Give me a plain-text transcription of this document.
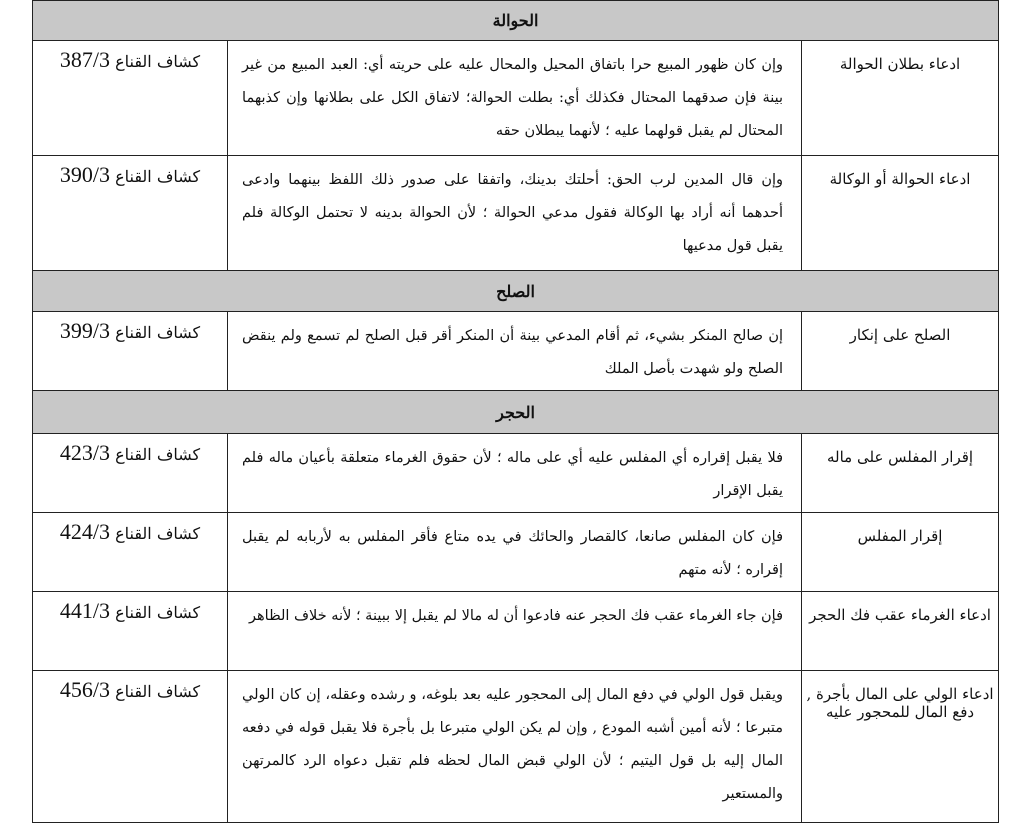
الحوالة		
ادعاء بطلان الحوالة	وإن كان ظهور المبيع حرا باتفاق المحيل والمحال عليه على حريته أي: العبد المبيع من غير بينة فإن صدقهما المحتال فكذلك أي: بطلت الحوالة؛ لاتفاق الكل على بطلانها وإن كذبهما المحتال لم يقبل قولهما عليه ؛ لأنهما يبطلان حقه	كشاف القناع 387/3
ادعاء الحوالة أو الوكالة	وإن قال المدين لرب الحق: أحلتك بدينك، واتفقا على صدور ذلك اللفظ بينهما وادعى أحدهما أنه أراد بها الوكالة فقول مدعي الحوالة ؛ لأن الحوالة بدينه لا تحتمل الوكالة فلم يقبل قول مدعيها	كشاف القناع 390/3
الصلح		
الصلح على إنكار	إن صالح المنكر بشيء، ثم أقام المدعي بينة أن المنكر أقر قبل الصلح لم تسمع ولم ينقض الصلح ولو شهدت بأصل الملك	كشاف القناع 399/3
الحجر		
إقرار المفلس على ماله	فلا يقبل إقراره أي المفلس عليه أي على ماله ؛ لأن حقوق الغرماء متعلقة بأعيان ماله فلم يقبل الإقرار	كشاف القناع 423/3
إقرار المفلس	فإن كان المفلس صانعا، كالقصار والحائك في يده متاع فأقر المفلس به لأربابه لم يقبل إقراره ؛ لأنه متهم	كشاف القناع 424/3
ادعاء الغرماء عقب فك الحجر	فإن جاء الغرماء عقب فك الحجر عنه فادعوا أن له مالا لم يقبل إلا ببينة ؛ لأنه خلاف الظاهر	كشاف القناع 441/3
ادعاء الولي على المال بأجرة , دفع المال للمحجور عليه	ويقبل قول الولي في دفع المال إلى المحجور عليه بعد بلوغه، و رشده وعقله، إن كان الولي متبرعا ؛ لأنه أمين أشبه المودع , وإن لم يكن الولي متبرعا بل بأجرة فلا يقبل قوله في دفعه المال إليه بل قول اليتيم ؛ لأن الولي قبض المال لحظه فلم تقبل دعواه الرد كالمرتهن والمستعير	كشاف القناع 456/3
